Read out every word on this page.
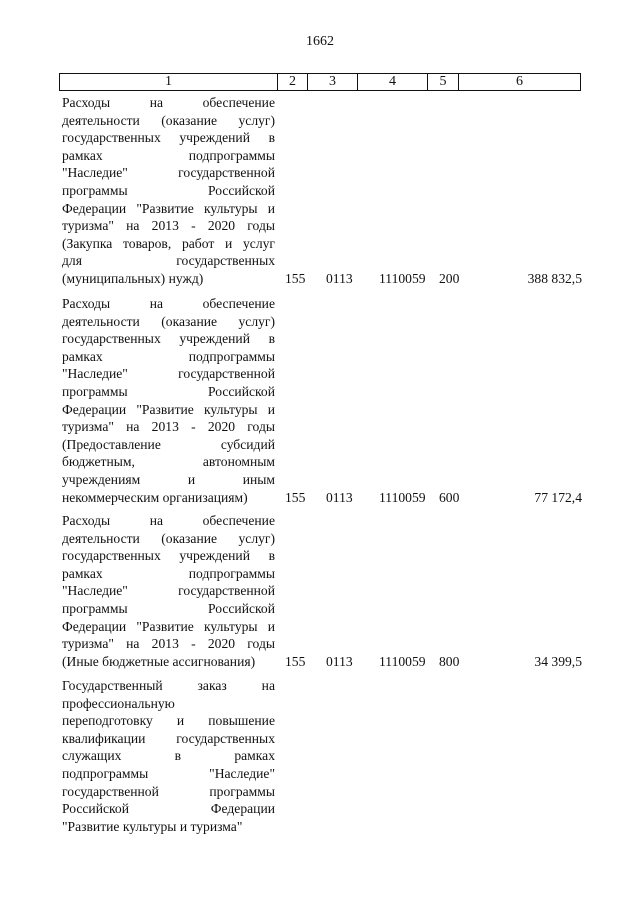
1662
1	2	3	4	5	6
Расходы на обеспечение
деятельности (оказание услуг)
государственных учреждений в
рамках подпрограммы
"Наследие" государственной
программы Российской
Федерации "Развитие культуры и
туризма" на 2013 - 2020 годы
(Закупка товаров, работ и услуг
для государственных
(муниципальных) нужд)	155 0113 1110059 200	388 832,5
Расходы на обеспечение
деятельности (оказание услуг)
государственных учреждений в
рамках подпрограммы
"Наследие" государственной
программы Российской
Федерации "Развитие культуры и
туризма" на 2013 - 2020 годы
(Предоставление субсидий
бюджетным, автономным
учреждениям и иным
некоммерческим организациям)	155 0113 1110059 600	77 172,4
Расходы на обеспечение
деятельности (оказание услуг)
государственных учреждений в
рамках подпрограммы
"Наследие" государственной
программы Российской
Федерации "Развитие культуры и
туризма" на 2013 - 2020 годы
(Иные бюджетные ассигнования)	155 0113 1110059 800	34 399,5
Государственный заказ на
профессиональную
переподготовку и повышение
квалификации государственных
служащих в рамках
подпрограммы "Наследие"
государственной программы
Российской Федерации
"Развитие культуры и туризма"
